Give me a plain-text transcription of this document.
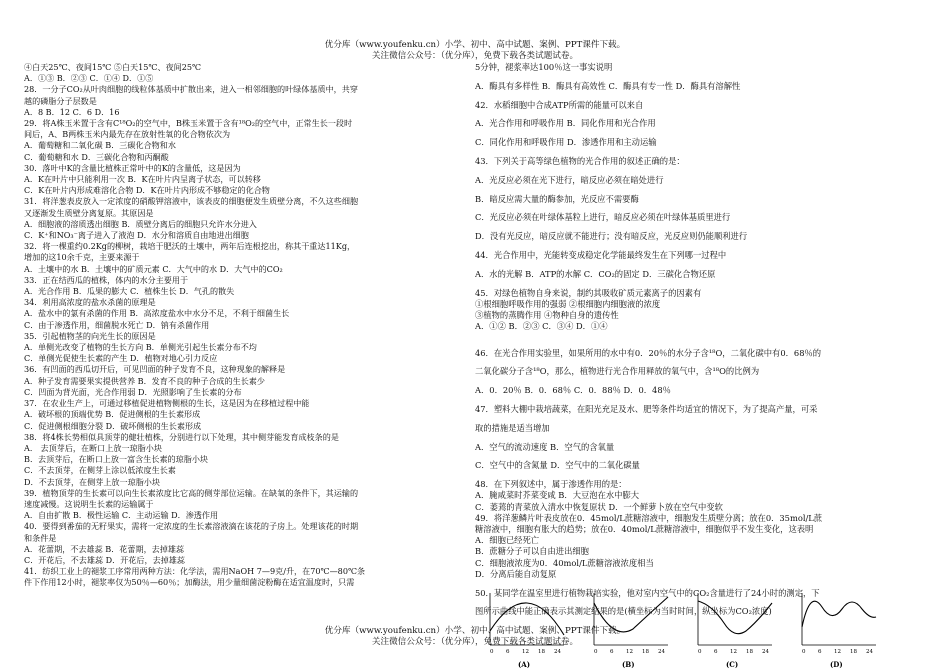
优分库（www.youfenku.cn）小学、初中、高中试题、案例、PPT课件下载。
关注微信公众号：（优分库），免费下载各类试题试卷。

④白天25℃、夜间15℃ ⑤白天15℃、夜间25℃

A．①③ B．②③ C．①④ D．①⑤

28．一分子CO₂从叶肉细胞的线粒体基质中扩散出来，进入一相邻细胞的叶绿体基质中，共穿

越的磷脂分子层数是

A．8 B．12 C．6 D．16

29．将A株玉米置于含有C¹⁸O₂的空气中，B株玉米置于含有¹⁸O₂的空气中，正常生长一段时

间后，A、B两株玉米内最先存在放射性氧的化合物依次为

A．葡萄糖和二氧化碳 B．三碳化合物和水

C．葡萄糖和水 D．三碳化合物和丙酮酸

30．落叶中K的含量比植株正常叶中的K的含量低，这是因为

A．K在叶片中只能利用一次 B．K在叶片内呈离子状态，可以转移

C．K在叶片内形成难溶化合物 D．K在叶片内形成不够稳定的化合物

31．将洋葱表皮放入一定浓度的硝酸钾溶液中，该表皮的细胞便发生质壁分离，不久这些细胞

又逐渐发生质壁分离复原。其原因是

A．细胞液的溶质透出细胞 B．质壁分离后的细胞只允许水分进入

C．K⁺和NO₃⁻离子进入了液泡 D．水分和溶质自由地进出细胞

32．将一棵重约0.2Kg的柳树，栽培于肥沃的土壤中，两年后连根挖出，称其干重达11Kg，

增加的这10余千克，主要来源于

A．土壤中的水 B．土壤中的矿质元素 C．大气中的水 D．大气中的CO₂

33．正在结西瓜的植株，体内的水分主要用于

A．光合作用 B．瓜果的膨大 C．植株生长 D．气孔的散失

34．利用高浓度的盐水杀菌的原理是

A．盐水中的氯有杀菌的作用 B．高浓度盐水中水分不足，不利于细菌生长

C．由于渗透作用，细菌脱水死亡 D．钠有杀菌作用

35．引起植物茎的向光生长的原因是

A．单侧光改变了植物的生长方向 B．单侧光引起生长素分布不均

C．单侧光促使生长素的产生 D．植物对地心引力反应

36．有凹面的西瓜切开后，可见凹面的种子发育不良，这种现象的解释是

A．种子发育需要果实提供营养 B．发育不良的种子合成的生长素少

C．凹面为背光面，光合作用弱 D．光照影响了生长素的分布

37．在农业生产上，可通过移植促进植物侧根的生长，这是因为在移植过程中能

A．破坏根的顶端优势 B．促进侧根的生长素形成

C．促进侧根细胞分裂 D．破坏侧根的生长素形成

38．将4株长势相似具顶芽的健壮植株，分别进行以下处理，其中侧芽能发育成枝条的是

A． 去顶芽后，在断口上放一琼脂小块

B．去顶芽后，在断口上放一富含生长素的琼脂小块

C．不去顶芽，在侧芽上涂以低浓度生长素

D．不去顶芽，在侧芽上放一琼脂小块

39．植物顶芽的生长素可以向生长素浓度比它高的侧芽部位运输。在缺氧的条件下，其运输的

速度减慢。这说明生长素的运输属于

A．自由扩散 B．极性运输 C．主动运输 D．渗透作用

40．要得到番茄的无籽果实，需将一定浓度的生长素溶液滴在该花的子房上。处理该花的时期

和条件是

A．花蕾期，不去雄蕊 B．花蕾期，去掉雄蕊

C．开花后，不去雄蕊 D．开花后，去掉雄蕊

41．纺织工业上的褪浆工序常用两种方法：化学法，需用NaOH 7—9克/升，在70℃—80℃条

件下作用12小时，褪浆率仅为50％—60％；加酶法，用少量细菌淀粉酶在适宜温度时，只需

5分钟，褪浆率达100％这一事实说明

A．酶具有多样性 B．酶具有高效性 C．酶具有专一性 D．酶具有溶解性

42．水稻细胞中合成ATP所需的能量可以来自

A．光合作用和呼吸作用 B．同化作用和光合作用

C．同化作用和呼吸作用 D．渗透作用和主动运输

43．下列关于高等绿色植物的光合作用的叙述正确的是：

A．光反应必须在光下进行，暗反应必须在暗处进行

B．暗反应需大量的酶参加，光反应不需要酶

C．光反应必须在叶绿体基粒上进行，暗反应必须在叶绿体基质里进行

D．没有光反应，暗反应就不能进行；没有暗反应，光反应则仍能顺利进行

44．光合作用中，光能转变成稳定化学能最终发生在下列哪一过程中

A．水的光解 B．ATP的水解 C．CO₂的固定 D．三碳化合物还原

45．对绿色植物自身来说，制约其吸收矿质元素离子的因素有

①根细胞呼吸作用的强弱 ②根细胞内细胞液的浓度

③植物的蒸腾作用 ④物种自身的遗传性

A．①② B．②③ C．③④ D．①④

46．在光合作用实验里，如果所用的水中有0．20％的水分子含¹⁸O，二氧化碳中有0．68％的

二氧化碳分子含¹⁸O，那么，植物进行光合作用释放的氧气中，含¹⁸O的比例为

A．0．20％ B．0．68％ C．0．88％ D．0．48％

47．塑料大棚中栽培蔬菜，在阳光充足及水、肥等条件均适宜的情况下，为了提高产量，可采

取的措施是适当增加

A．空气的流动速度 B．空气的含氧量

C．空气中的含氮量 D．空气中的二氧化碳量

48．在下列叙述中，属于渗透作用的是：

A．腌咸菜时芥菜变咸 B．大豆泡在水中膨大

C．萎蔫的青菜放入清水中恢复原状 D．一个鲜萝卜放在空气中变软

49．将洋葱鳞片叶表皮放在0．45mol/L蔗糖溶液中，细胞发生质壁分离；放在0．35mol/L蔗

糖溶液中，细胞有胀大的趋势；放在0．40mol/L蔗糖溶液中，细胞似乎不发生变化，这表明

A．细胞已经死亡

B．蔗糖分子可以自由进出细胞

C．细胞液浓度为0．40mol/L蔗糖溶液浓度相当

D．分离后能自动复原

50．某同学在温室里进行植物栽培实验，他对室内空气中的CO₂含量进行了24小时的测定，下

图所示曲线中能正确表示其测定结果的是(横坐标为当时时间，纵坐标为CO₂浓度)

0 6 12 18 24
(A)
0 6 12 18 24
(B)
0 6 12 18 24
(C)
0 6 12 18 24
(D)
优分库（www.youfenku.cn）小学、初中、高中试题、案例、PPT课件下载。
关注微信公众号：（优分库），免费下载各类试题试卷。
